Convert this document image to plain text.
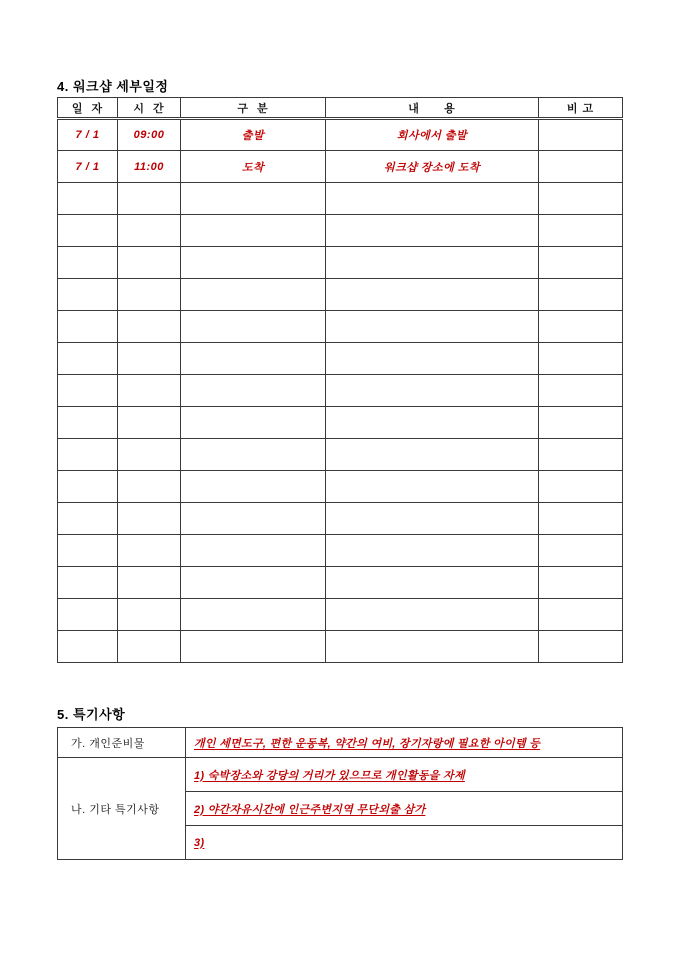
4. 워크샵 세부일정
일  자	시  간	구  분	내      용	비 고
7 / 1	09:00	출발	회사에서 출발	
7 / 1	11:00	도착	워크샵 장소에 도착	

5. 특기사항
가. 개인준비물	개인 세면도구, 편한 운동복, 약간의 여비, 장기자랑에 필요한 아이템 등
나. 기타 특기사항	1) 숙박장소와 강당의 거리가 있으므로 개인활동을 자제
	2) 야간자유시간에 인근주변지역 무단외출 삼가
	3)
